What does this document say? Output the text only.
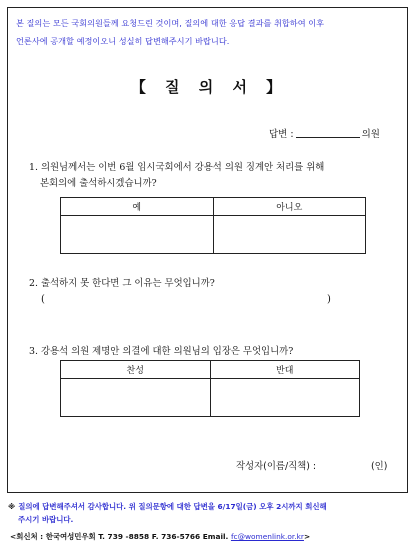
본 질의는 모든 국회의원들께 요청드린 것이며, 질의에 대한 응답 결과를 취합하여 이후
언론사에 공개할 예정이오니 성실히 답변해주시기 바랍니다.
【 질 의 서 】
답변 :	의원
1. 의원님께서는 이번 6월 임시국회에서 강용석 의원 징계안 처리를 위해
본회의에 출석하시겠습니까?
예	아니오

2. 출석하지 못 한다면 그 이유는 무엇입니까?
(	)
3. 강용석 의원 제명안 의결에 대한 의원님의 입장은 무엇입니까?
찬성	반대

작성자(이름/직책) :	(인)
※ 질의에 답변해주셔서 감사합니다. 위 질의문항에 대한 답변을 6/17일(금) 오후 2시까지 회신해
주시기 바랍니다.
<회신처 : 한국여성민우회 T. 739 -8858 F. 736-5766 Email. fc@womenlink.or.kr>
